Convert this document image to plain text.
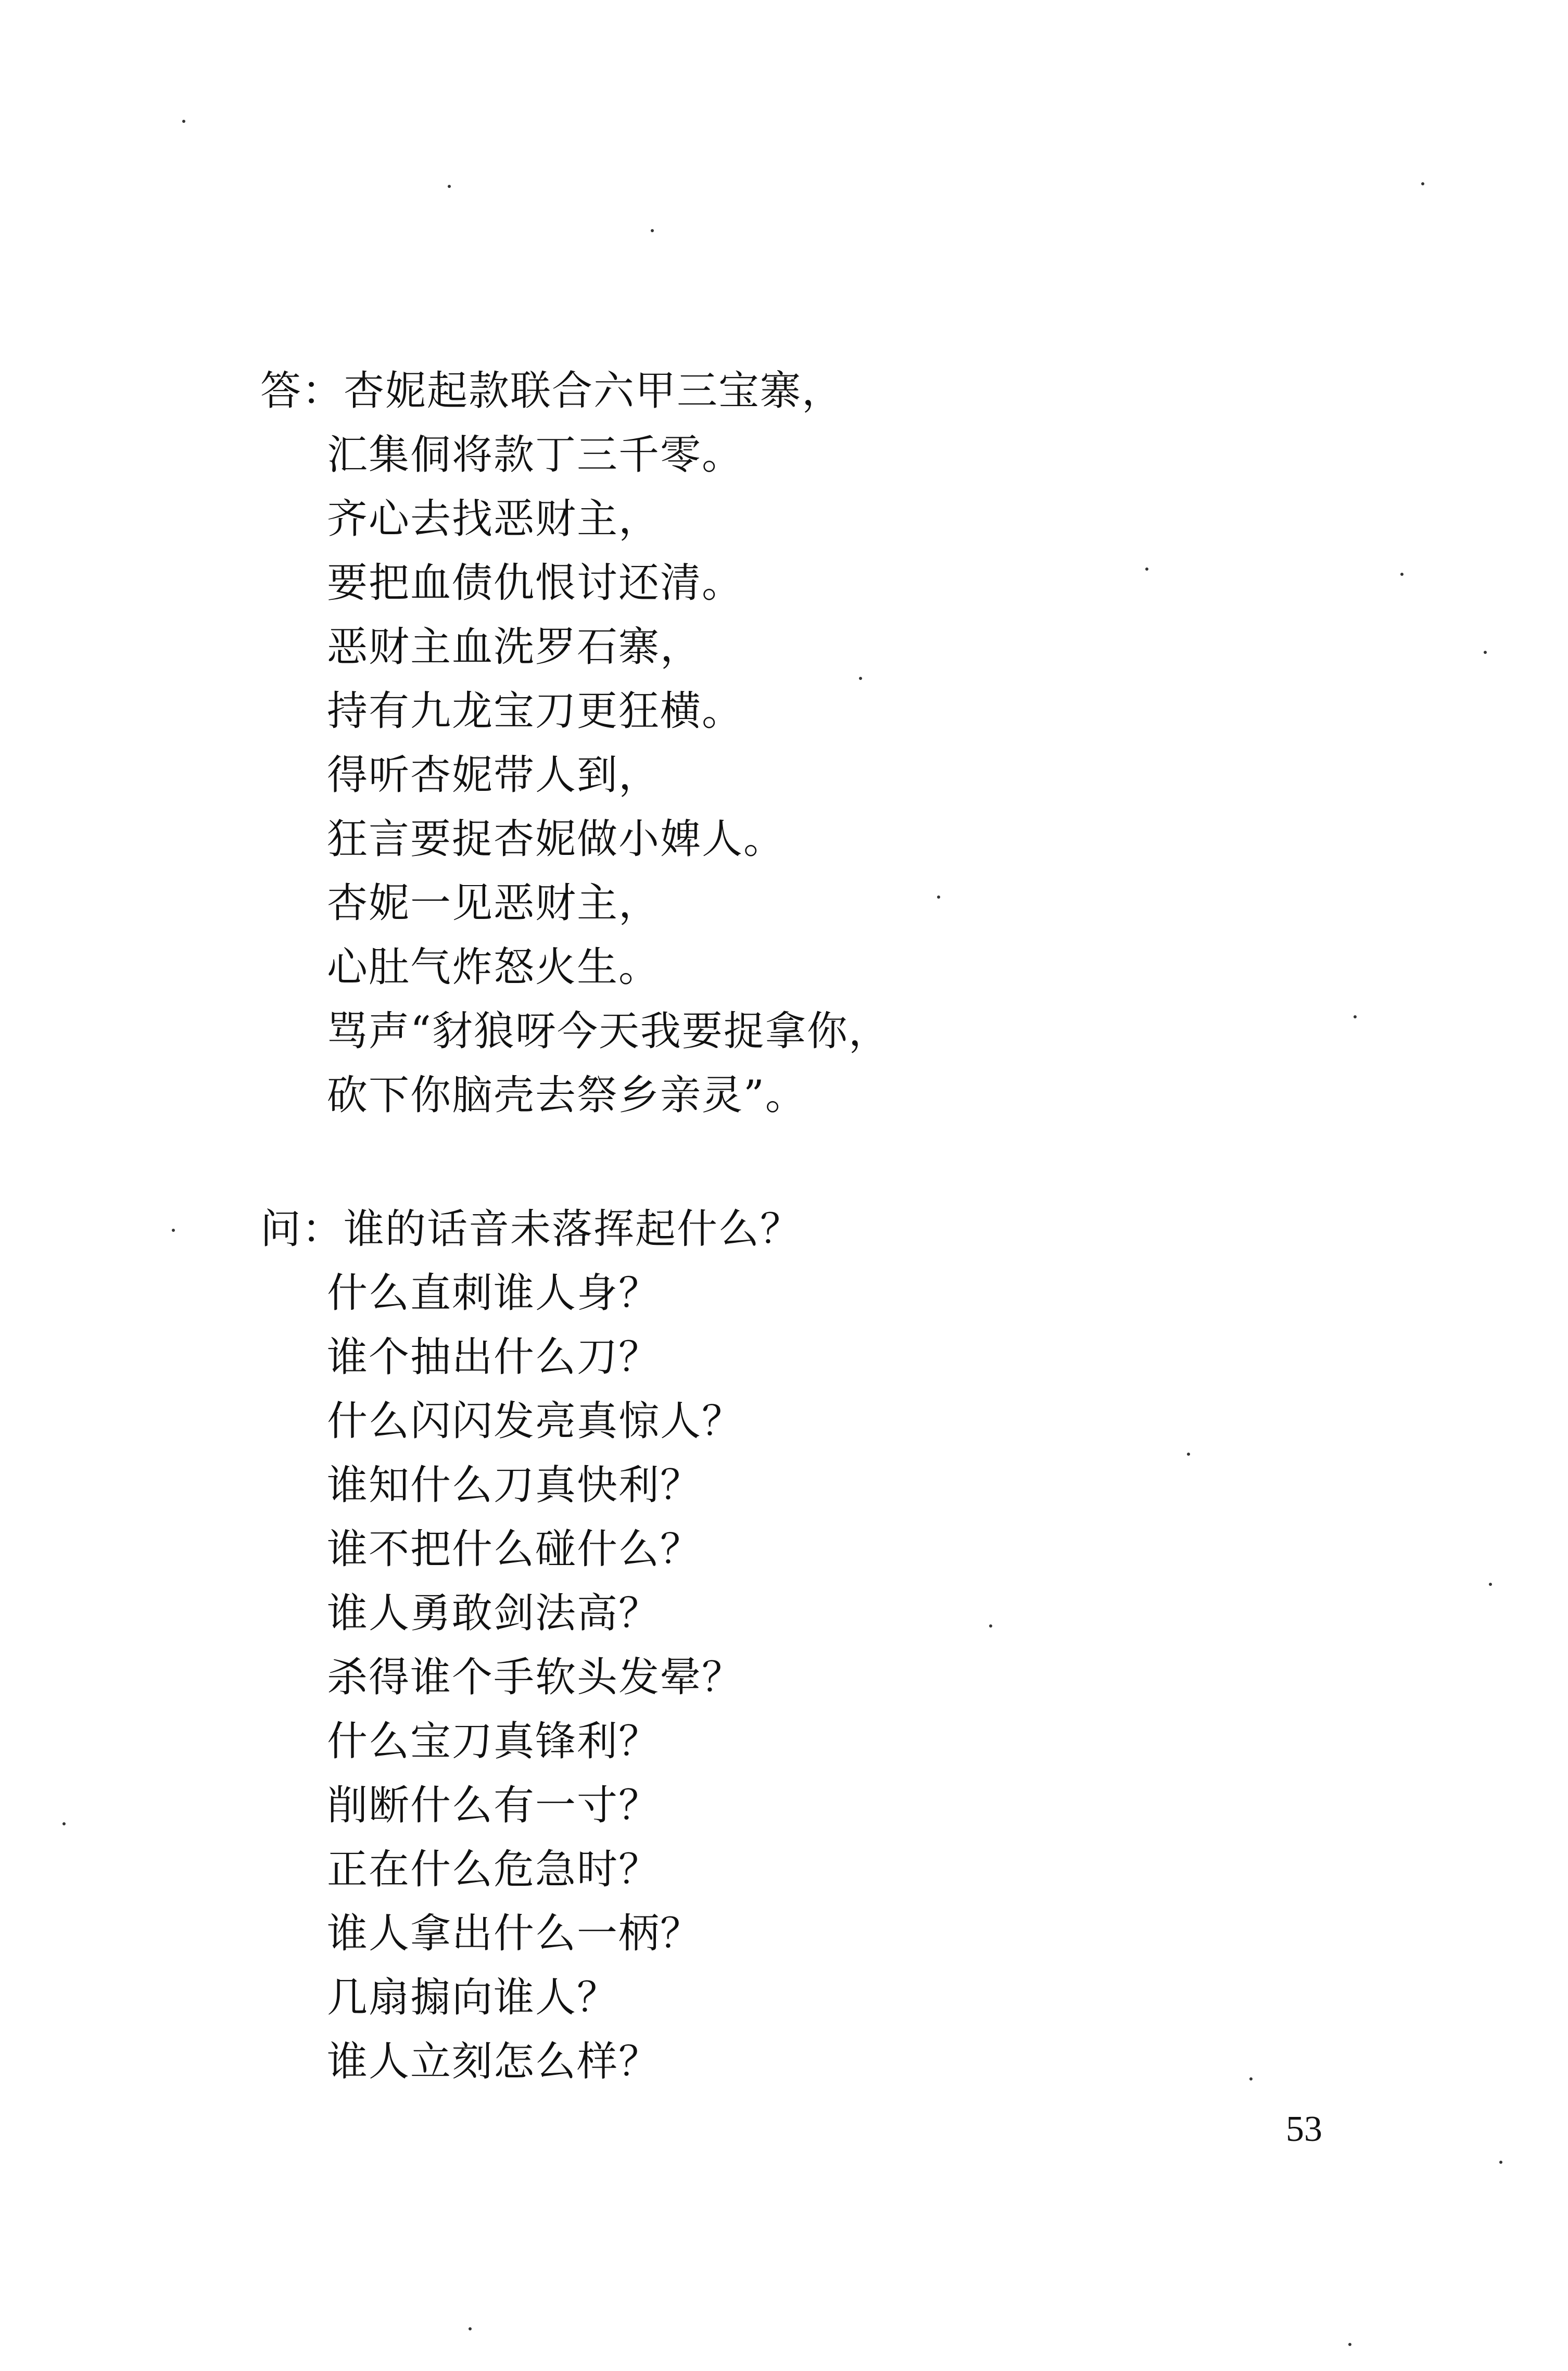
答：杏妮起款联合六甲三宝寨，
汇集侗将款丁三千零。
齐心去找恶财主，
要把血债仇恨讨还清。
恶财主血洗罗石寨，
持有九龙宝刀更狂横。
得听杏妮带人到，
狂言要捉杏妮做小婢人。
杏妮一见恶财主，
心肚气炸怒火生。
骂声“豺狼呀今天我要捉拿你，
砍下你脑壳去祭乡亲灵”。
问：谁的话音未落挥起什么？
什么直刺谁人身？
谁个抽出什么刀？
什么闪闪发亮真惊人？
谁知什么刀真快利？
谁不把什么碰什么？
谁人勇敢剑法高？
杀得谁个手软头发晕？
什么宝刀真锋利？
削断什么有一寸？
正在什么危急时？
谁人拿出什么一柄？
几扇搧向谁人？
谁人立刻怎么样？
53
